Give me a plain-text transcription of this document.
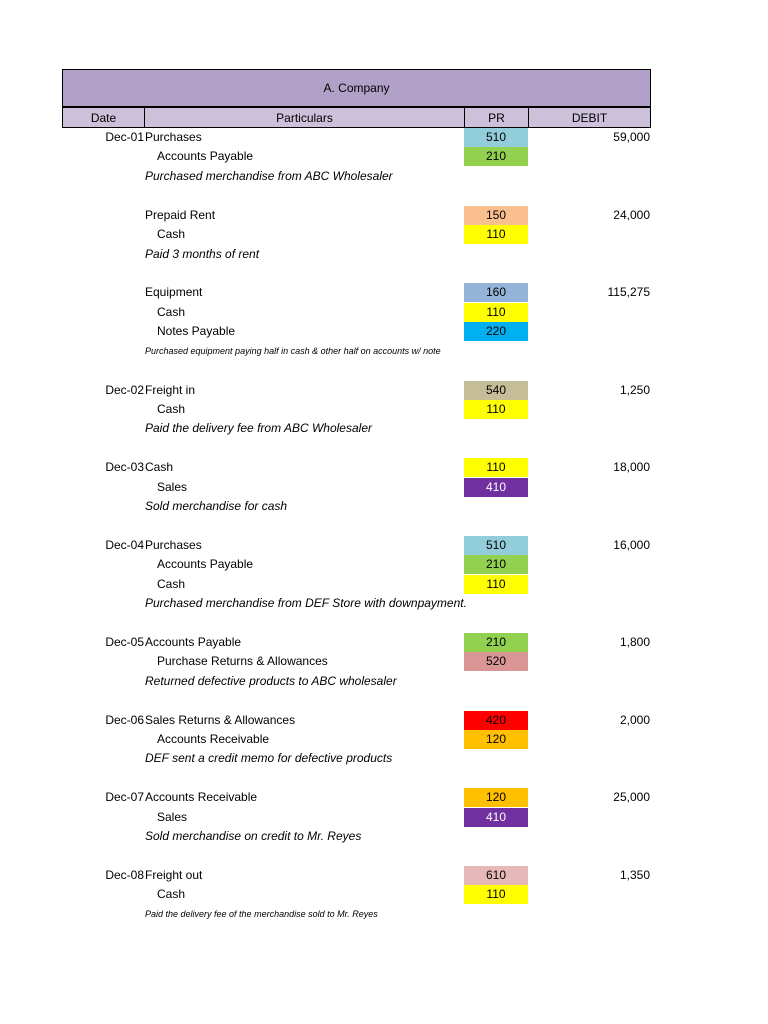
A. Company
Date	Particulars	PR	DEBIT
Dec-01 Purchases	510	59,000
Accounts Payable	210
Purchased merchandise from ABC Wholesaler
Prepaid Rent	150	24,000
Cash	110
Paid 3 months of rent
Equipment	160	115,275
Cash	110
Notes Payable	220
Purchased equipment paying half in cash & other half on accounts w/ note
Dec-02 Freight in	540	1,250
Cash	110
Paid the delivery fee from ABC Wholesaler
Dec-03 Cash	110	18,000
Sales	410
Sold merchandise for cash
Dec-04 Purchases	510	16,000
Accounts Payable	210
Cash	110
Purchased merchandise from DEF Store with downpayment.
Dec-05 Accounts Payable	210	1,800
Purchase Returns & Allowances	520
Returned defective products to ABC wholesaler
Dec-06 Sales Returns & Allowances	420	2,000
Accounts Receivable	120
DEF sent a credit memo for defective products
Dec-07 Accounts Receivable	120	25,000
Sales	410
Sold merchandise on credit to Mr. Reyes
Dec-08 Freight out	610	1,350
Cash	110
Paid the delivery fee of the merchandise sold to Mr. Reyes
